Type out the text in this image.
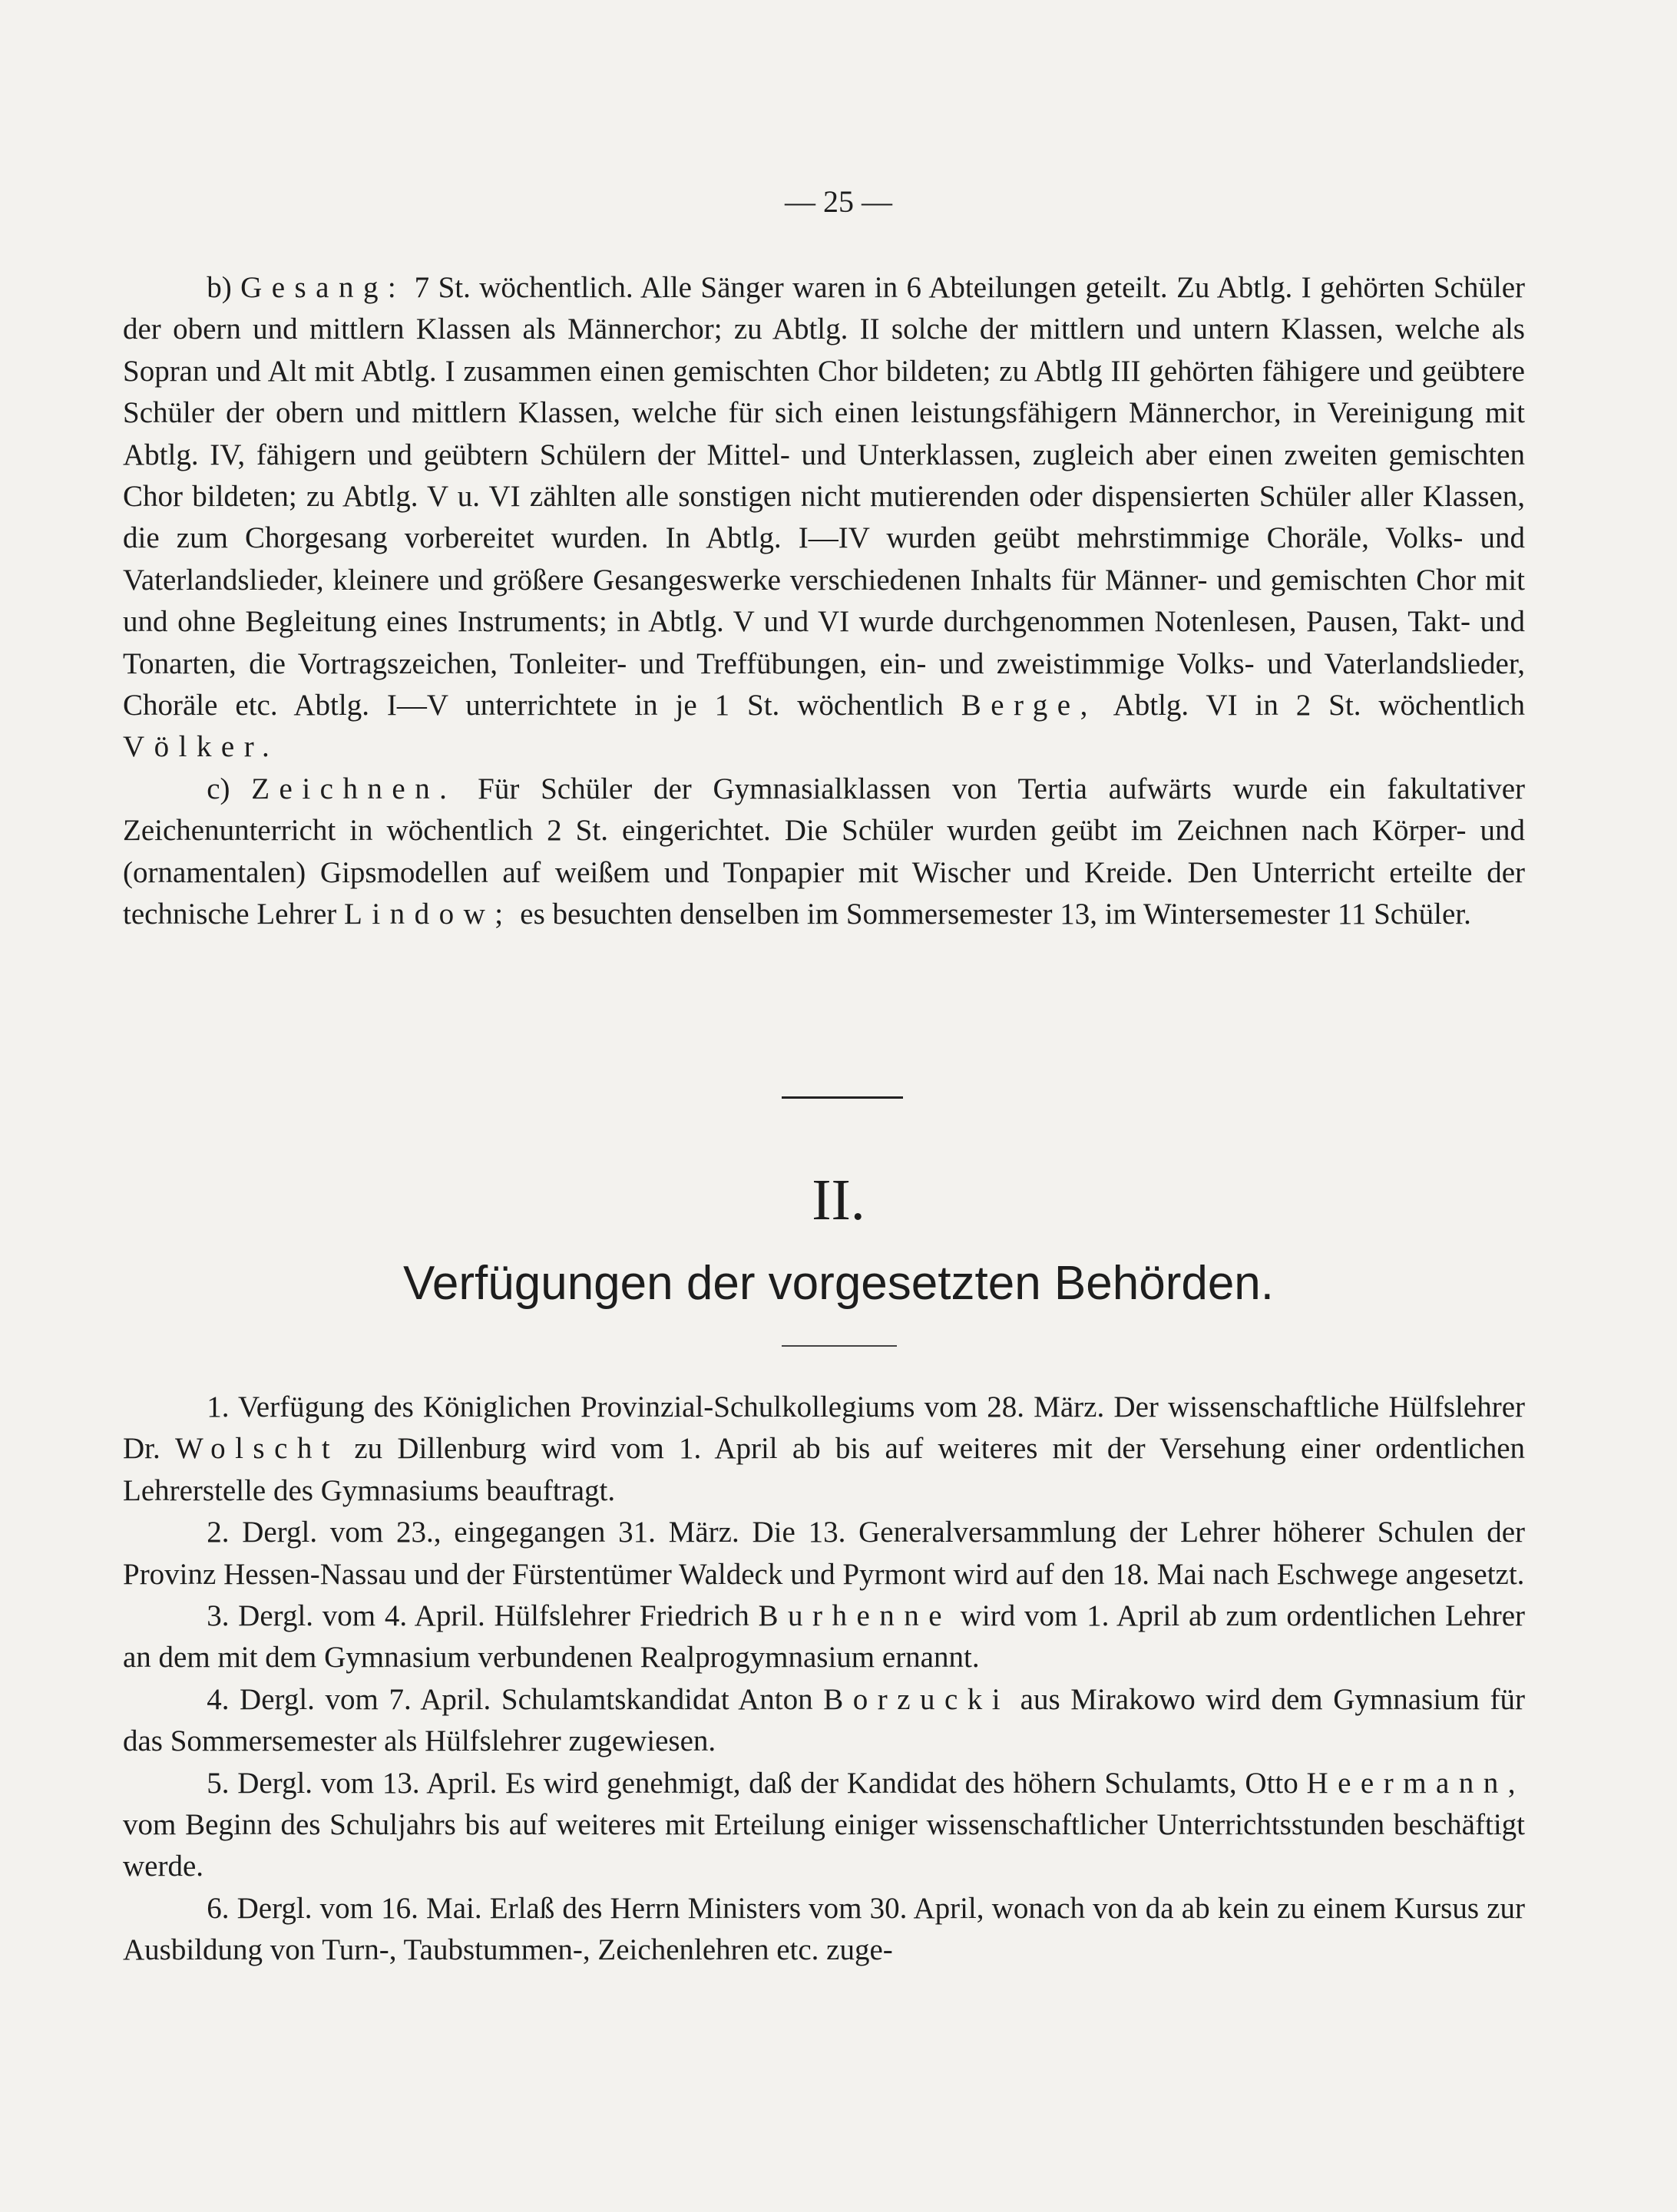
— 25 —

b) Gesang: 7 St. wöchentlich. Alle Sänger waren in 6 Abteilungen geteilt. Zu Abtlg. I gehörten Schüler der obern und mittlern Klassen als Männerchor; zu Abtlg. II solche der mittlern und untern Klassen, welche als Sopran und Alt mit Abtlg. I zusammen einen gemischten Chor bildeten; zu Abtlg III gehörten fähigere und geübtere Schüler der obern und mittlern Klassen, welche für sich einen leistungsfähigern Männerchor, in Vereinigung mit Abtlg. IV, fähigern und geübtern Schülern der Mittel- und Unterklassen, zugleich aber einen zweiten gemischten Chor bildeten; zu Abtlg. V u. VI zählten alle sonstigen nicht mutierenden oder dispensierten Schüler aller Klassen, die zum Chorgesang vorbereitet wurden. In Abtlg. I—IV wurden geübt mehrstimmige Choräle, Volks- und Vaterlandslieder, kleinere und größere Gesangeswerke verschiedenen Inhalts für Männer- und gemischten Chor mit und ohne Begleitung eines Instruments; in Abtlg. V und VI wurde durchgenommen Notenlesen, Pausen, Takt- und Tonarten, die Vortragszeichen, Tonleiter- und Treffübungen, ein- und zweistimmige Volks- und Vaterlandslieder, Choräle etc. Abtlg. I—V unterrichtete in je 1 St. wöchentlich Berge, Abtlg. VI in 2 St. wöchentlich Völker.

c) Zeichnen. Für Schüler der Gymnasialklassen von Tertia aufwärts wurde ein fakultativer Zeichenunterricht in wöchentlich 2 St. eingerichtet. Die Schüler wurden geübt im Zeichnen nach Körper- und (ornamentalen) Gipsmodellen auf weißem und Tonpapier mit Wischer und Kreide. Den Unterricht erteilte der technische Lehrer Lindow; es besuchten denselben im Sommersemester 13, im Wintersemester 11 Schüler.

II.
Verfügungen der vorgesetzten Behörden.

1. Verfügung des Königlichen Provinzial-Schulkollegiums vom 28. März. Der wissenschaftliche Hülfslehrer Dr. Wolscht zu Dillenburg wird vom 1. April ab bis auf weiteres mit der Versehung einer ordentlichen Lehrerstelle des Gymnasiums beauftragt.

2. Dergl. vom 23., eingegangen 31. März. Die 13. Generalversammlung der Lehrer höherer Schulen der Provinz Hessen-Nassau und der Fürstentümer Waldeck und Pyrmont wird auf den 18. Mai nach Eschwege angesetzt.

3. Dergl. vom 4. April. Hülfslehrer Friedrich Burhenne wird vom 1. April ab zum ordentlichen Lehrer an dem mit dem Gymnasium verbundenen Realprogymnasium ernannt.

4. Dergl. vom 7. April. Schulamtskandidat Anton Borzucki aus Mirakowo wird dem Gymnasium für das Sommersemester als Hülfslehrer zugewiesen.

5. Dergl. vom 13. April. Es wird genehmigt, daß der Kandidat des höhern Schulamts, Otto Heermann, vom Beginn des Schuljahrs bis auf weiteres mit Erteilung einiger wissenschaftlicher Unterrichtsstunden beschäftigt werde.

6. Dergl. vom 16. Mai. Erlaß des Herrn Ministers vom 30. April, wonach von da ab kein zu einem Kursus zur Ausbildung von Turn-, Taubstummen-, Zeichenlehren etc. zuge-
